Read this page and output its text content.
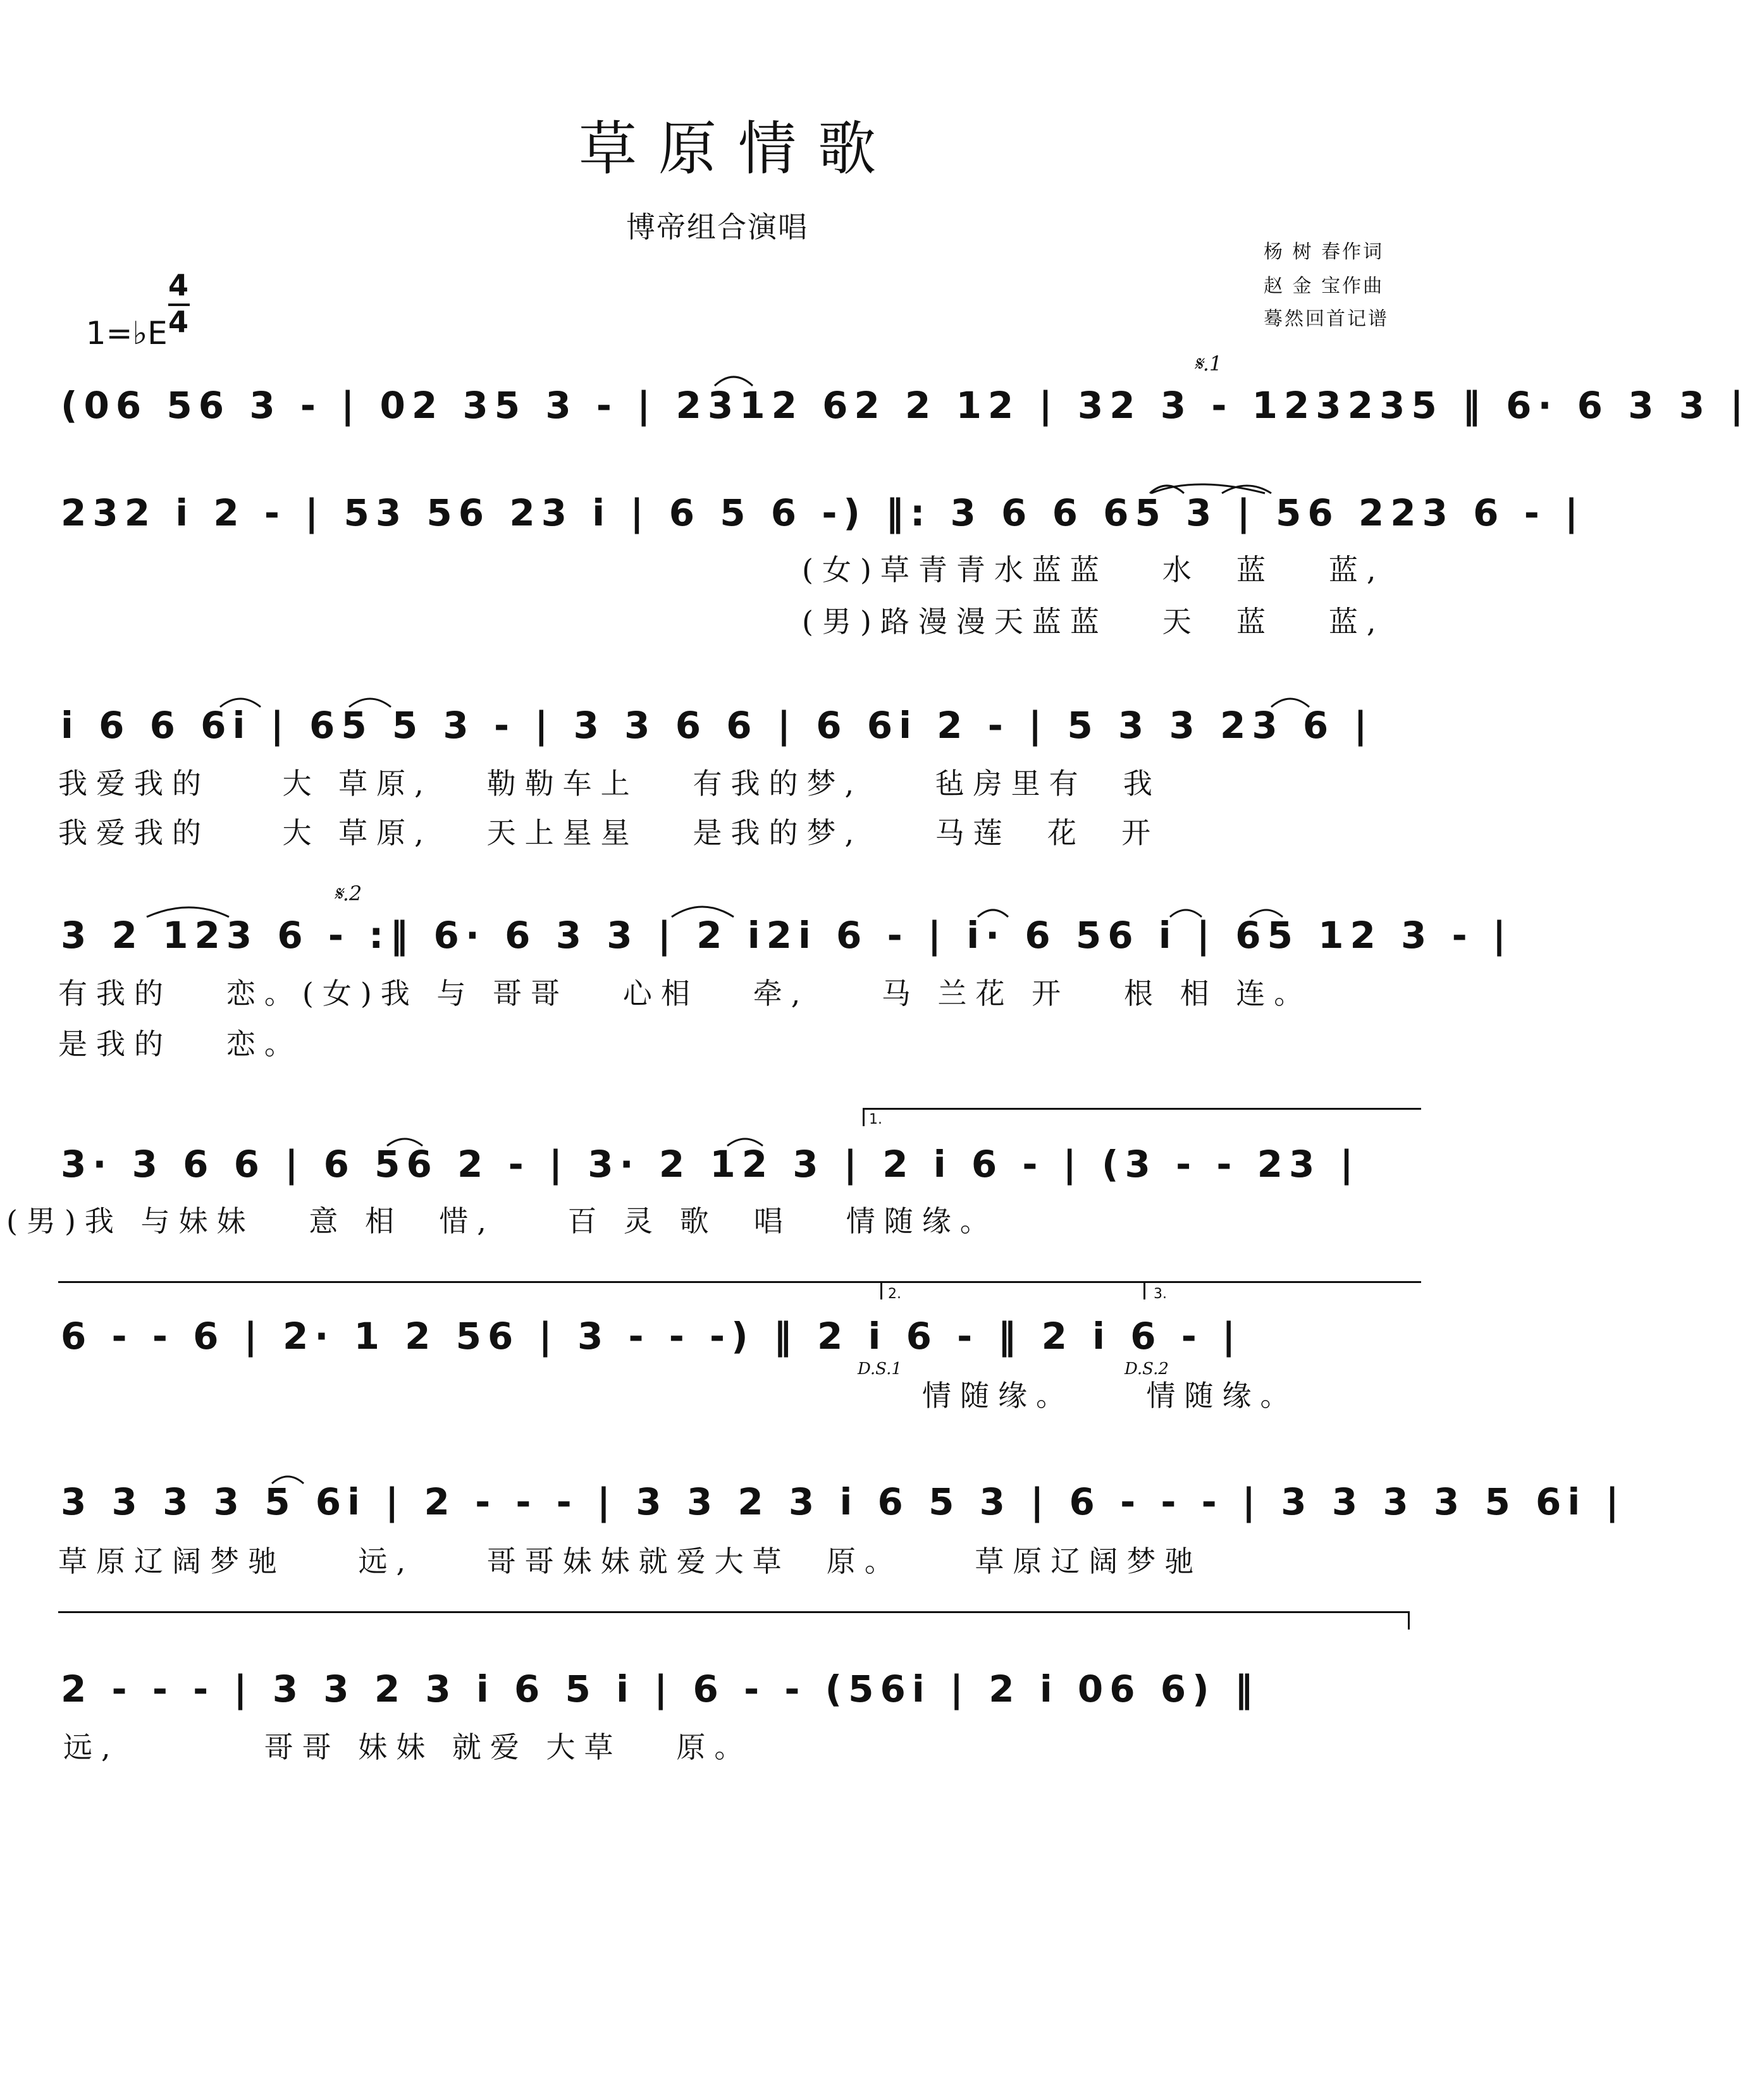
草原情歌
博帝组合演唱

1=♭E

4
4
杨 树 春作词
赵 金 宝作曲
蓦然回首记谱
(06 56 3 - | 02 35 3 - | 2312 62 2 12 | 32 3 - 123235 ‖ 6· 6 3 3 |
𝄋.1
232 i 2 - | 53 56 23 i | 6 5 6 -) ‖: 3 6 6 65 3 | 56 223 6 - |
(女)草青青水蓝蓝   水  蓝   蓝,
(男)路漫漫天蓝蓝   天  蓝   蓝,
i 6 6 6i | 65 5 3 - | 3 3 6 6 | 6 6i 2 - | 5 3 3 23 6 |
我爱我的    大 草原,   勒勒车上   有我的梦,    毡房里有  我
我爱我的    大 草原,   天上星星   是我的梦,    马莲  花  开
3 2 123 6 - :‖ 6· 6 3 3 | 2 i2i 6 - | i· 6 56 i | 65 12 3 - |
𝄋.2
有我的   恋。(女)我 与 哥哥   心相   牵,    马 兰花 开   根 相 连。
是我的   恋。
1.
3· 3 6 6 | 6 56 2 - | 3· 2 12 3 | 2 i 6 - | (3 - - 23 |
(男)我 与妹妹   意 相  惜,    百 灵 歌  唱   情随缘。
2.	3.
6 - - 6 | 2· 1 2 56 | 3 - - -) ‖ 2 i 6 - ‖ 2 i 6 - |
D.S.1	D.S.2
情随缘。    情随缘。
3 3 3 3 5 6i | 2 - - - | 3 3 2 3 i 6 5 3 | 6 - - - | 3 3 3 3 5 6i |
草原辽阔梦驰    远,    哥哥妹妹就爱大草  原。    草原辽阔梦驰
2 - - - | 3 3 2 3 i 6 5 i | 6 - - (56i | 2 i 06 6) ‖
远,        哥哥 妹妹 就爱 大草   原。
